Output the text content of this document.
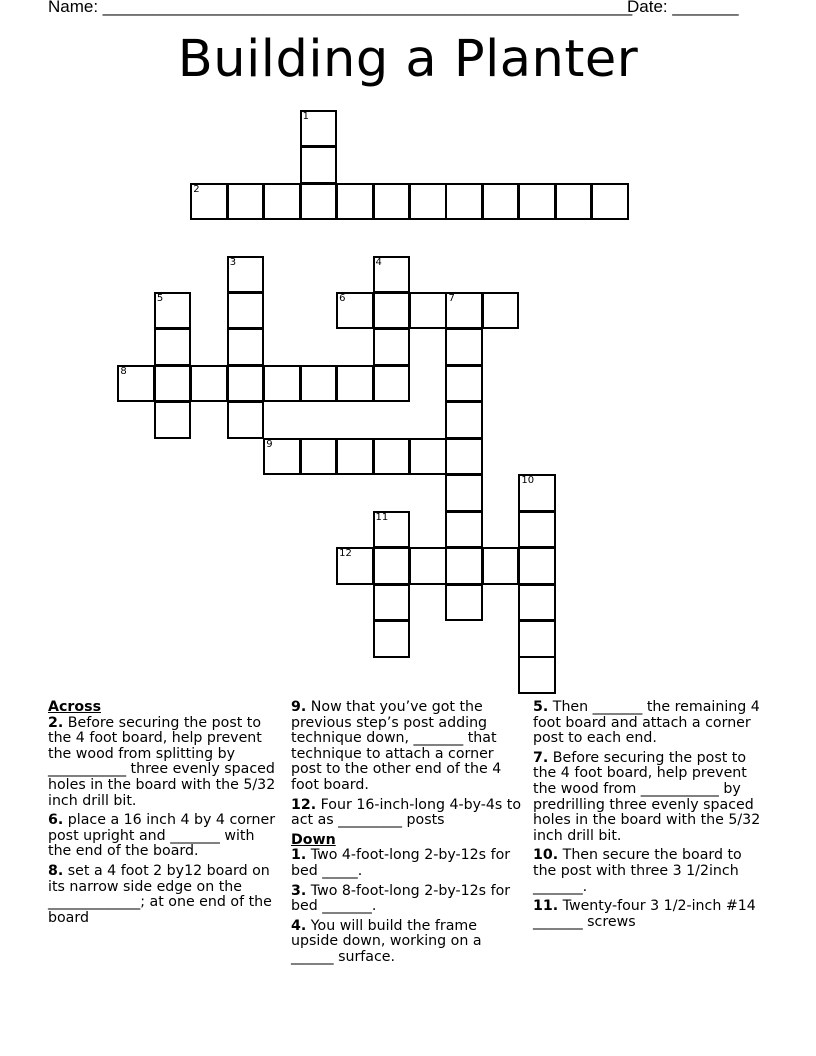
Name: ________________________________________________________
Date: _______
Building a Planter
1
2
3	4
5	6	7
8
9
10
11
12
Across
2. Before securing the post to the 4 foot board, help prevent the wood from splitting by ___________ three evenly spaced holes in the board with the 5/32 inch drill bit.
6. place a 16 inch 4 by 4 corner post upright and _______ with the end of the board.
8. set a 4 foot 2 by12 board on its narrow side edge on the _____________; at one end of the board
9. Now that you’ve got the previous step’s post adding technique down, _______ that technique to attach a corner post to the other end of the 4 foot board.
12. Four 16-inch-long 4-by-4s to act as _________ posts
Down
1. Two 4-foot-long 2-by-12s for bed _____.
3. Two 8-foot-long 2-by-12s for bed _______.
4. You will build the frame upside down, working on a ______ surface.
5. Then _______ the remaining 4 foot board and attach a corner post to each end.
7. Before securing the post to the 4 foot board, help prevent the wood from ___________ by predrilling three evenly spaced holes in the board with the 5/32 inch drill bit.
10. Then secure the board to the post with three 3 1/2inch _______.
11. Twenty-four 3 1/2-inch #14 _______ screws
